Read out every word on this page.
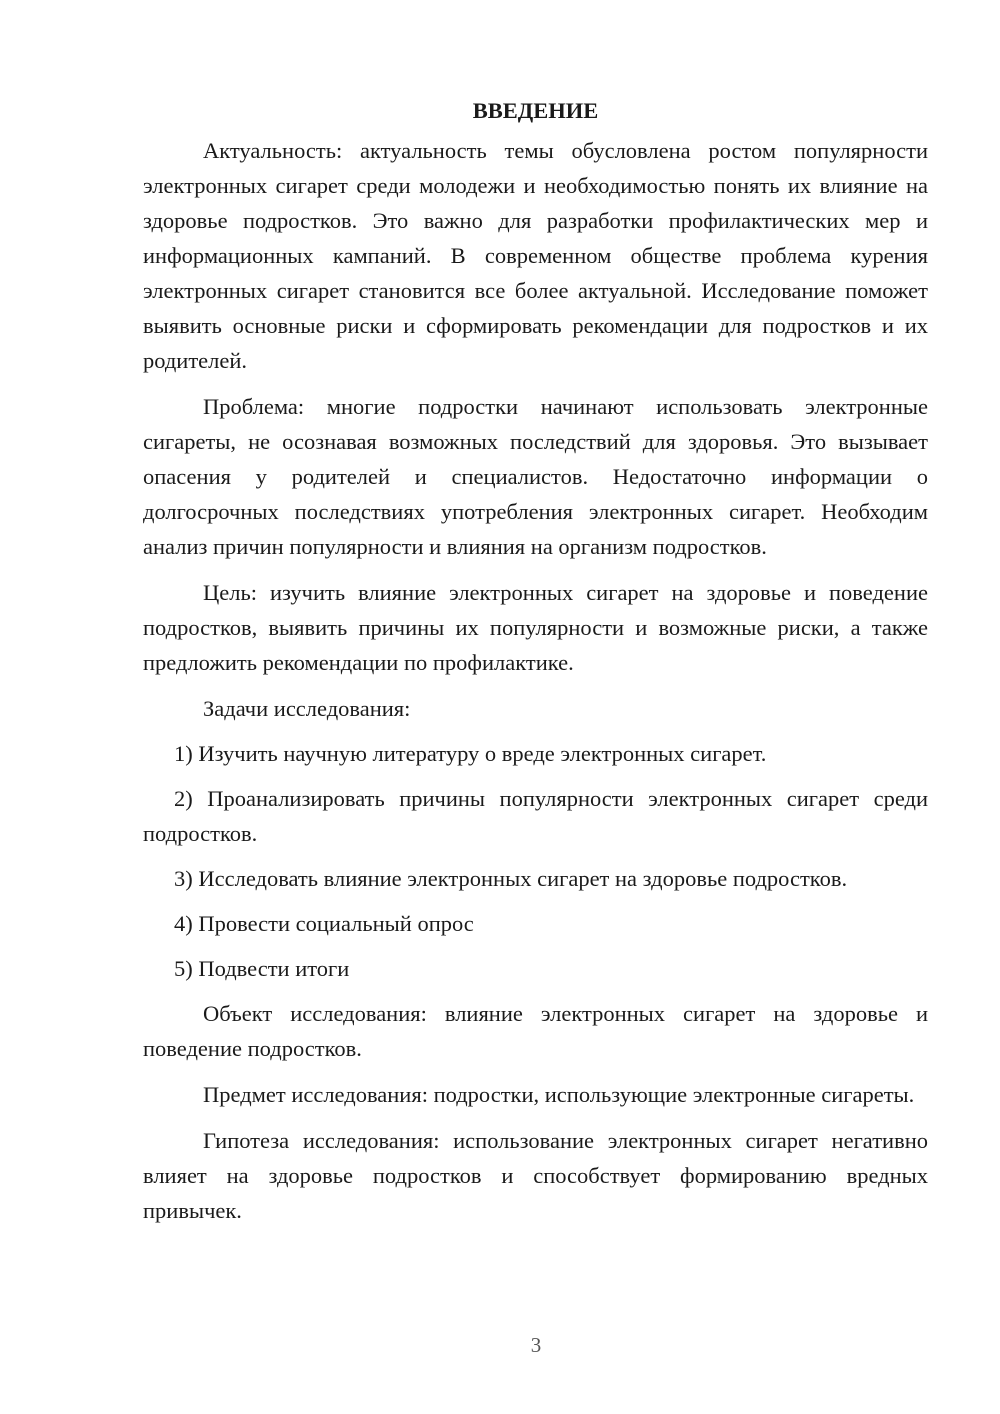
ВВЕДЕНИЕ

Актуальность: актуальность темы обусловлена ростом популярности электронных сигарет среди молодежи и необходимостью понять их влияние на здоровье подростков. Это важно для разработки профилактических мер и информационных кампаний. В современном обществе проблема курения электронных сигарет становится все более актуальной. Исследование поможет выявить основные риски и сформировать рекомендации для подростков и их родителей.

Проблема: многие подростки начинают использовать электронные сигареты, не осознавая возможных последствий для здоровья. Это вызывает опасения у родителей и специалистов. Недостаточно информации о долгосрочных последствиях употребления электронных сигарет. Необходим анализ причин популярности и влияния на организм подростков.

Цель: изучить влияние электронных сигарет на здоровье и поведение подростков, выявить причины их популярности и возможные риски, а также предложить рекомендации по профилактике.

Задачи исследования:

1) Изучить научную литературу о вреде электронных сигарет.

2) Проанализировать причины популярности электронных сигарет среди подростков.

3) Исследовать влияние электронных сигарет на здоровье подростков.

4) Провести социальный опрос

5) Подвести итоги

Объект исследования: влияние электронных сигарет на здоровье и поведение подростков.

Предмет исследования: подростки, использующие электронные сигареты.

Гипотеза исследования: использование электронных сигарет негативно влияет на здоровье подростков и способствует формированию вредных привычек.

3
